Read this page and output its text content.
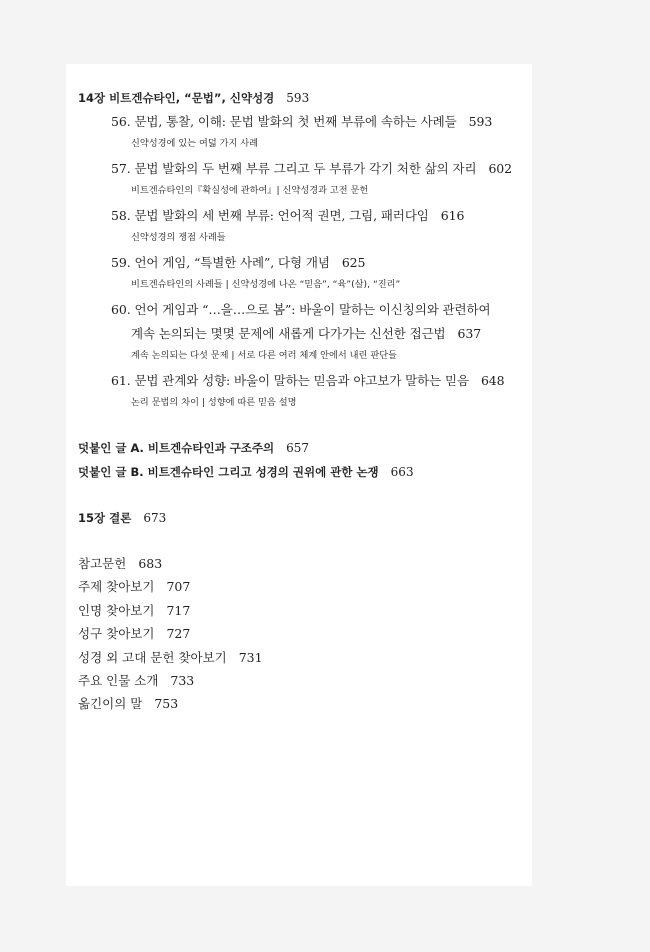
14장 비트겐슈타인, “문법”, 신약성경 593
56. 문법, 통찰, 이해: 문법 발화의 첫 번째 부류에 속하는 사례들 593
신약성경에 있는 여덟 가지 사례
57. 문법 발화의 두 번째 부류 그리고 두 부류가 각기 처한 삶의 자리 602
비트겐슈타인의『확실성에 관하여』| 신약성경과 고전 문헌
58. 문법 발화의 세 번째 부류: 언어적 권면, 그림, 패러다임 616
신약성경의 쟁점 사례들
59. 언어 게임, “특별한 사례”, 다형 개념 625
비트겐슈타인의 사례들 | 신약성경에 나온 “믿음”, “육”(살), “진리”
60. 언어 게임과 “…을…으로 봄”: 바울이 말하는 이신칭의와 관련하여
계속 논의되는 몇몇 문제에 새롭게 다가가는 신선한 접근법 637
계속 논의되는 다섯 문제 | 서로 다른 여러 체계 안에서 내린 판단들
61. 문법 관계와 성향: 바울이 말하는 믿음과 야고보가 말하는 믿음 648
논리 문법의 차이 | 성향에 따른 믿음 설명
덧붙인 글 A. 비트겐슈타인과 구조주의 657
덧붙인 글 B. 비트겐슈타인 그리고 성경의 권위에 관한 논쟁 663
15장 결론 673
참고문헌 683
주제 찾아보기 707
인명 찾아보기 717
성구 찾아보기 727
성경 외 고대 문헌 찾아보기 731
주요 인물 소개 733
옮긴이의 말 753
